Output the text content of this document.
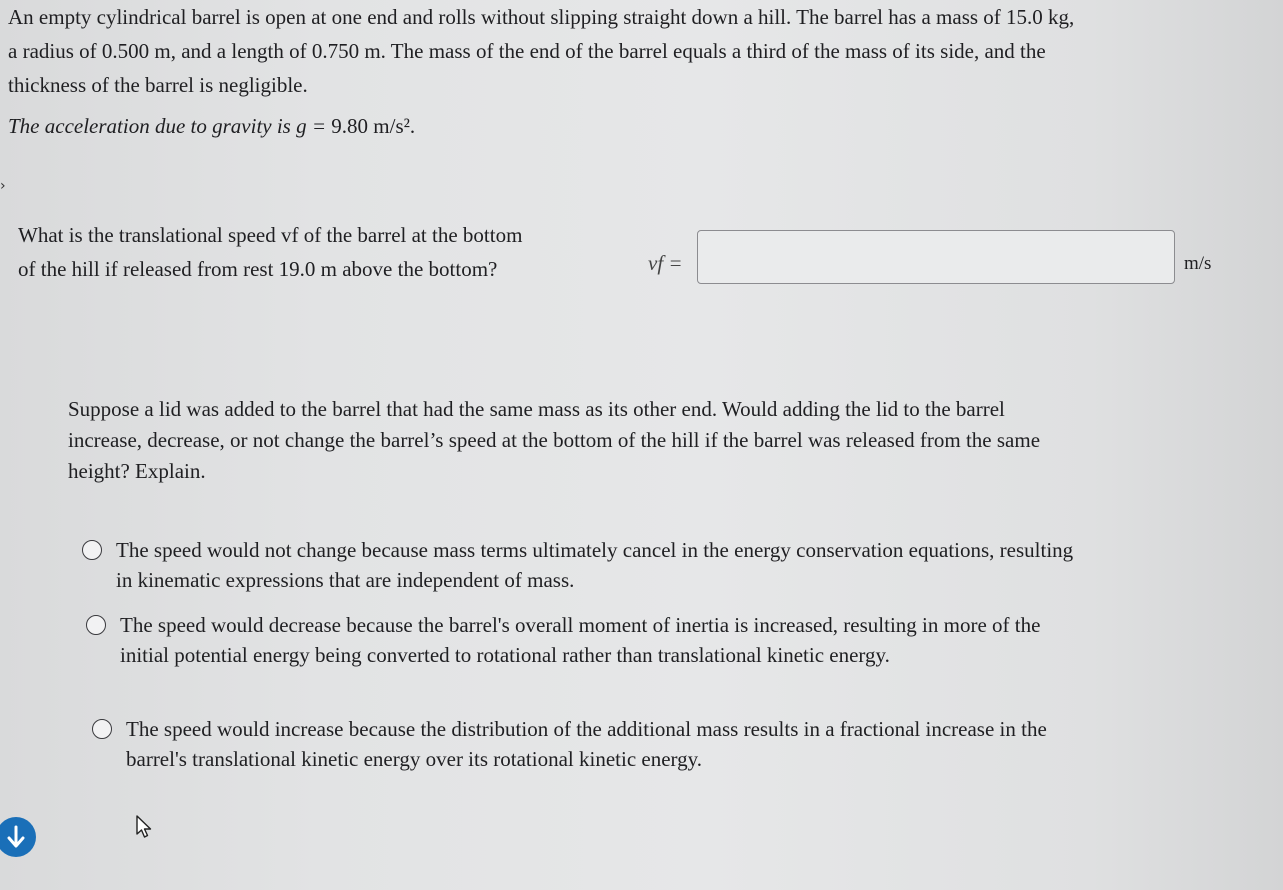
An empty cylindrical barrel is open at one end and rolls without slipping straight down a hill. The barrel has a mass of 15.0 kg,

a radius of 0.500 m, and a length of 0.750 m. The mass of the end of the barrel equals a third of the mass of its side, and the

thickness of the barrel is negligible.

The acceleration due to gravity is g = 9.80 m/s².
›

What is the translational speed vf of the barrel at the bottom

of the hill if released from rest 19.0 m above the bottom?	vf =	m/s

Suppose a lid was added to the barrel that had the same mass as its other end. Would adding the lid to the barrel

increase, decrease, or not change the barrel’s speed at the bottom of the hill if the barrel was released from the same

height? Explain.

The speed would not change because mass terms ultimately cancel in the energy conservation equations, resulting
in kinematic expressions that are independent of mass.
The speed would decrease because the barrel's overall moment of inertia is increased, resulting in more of the
initial potential energy being converted to rotational rather than translational kinetic energy.
The speed would increase because the distribution of the additional mass results in a fractional increase in the
barrel's translational kinetic energy over its rotational kinetic energy.
